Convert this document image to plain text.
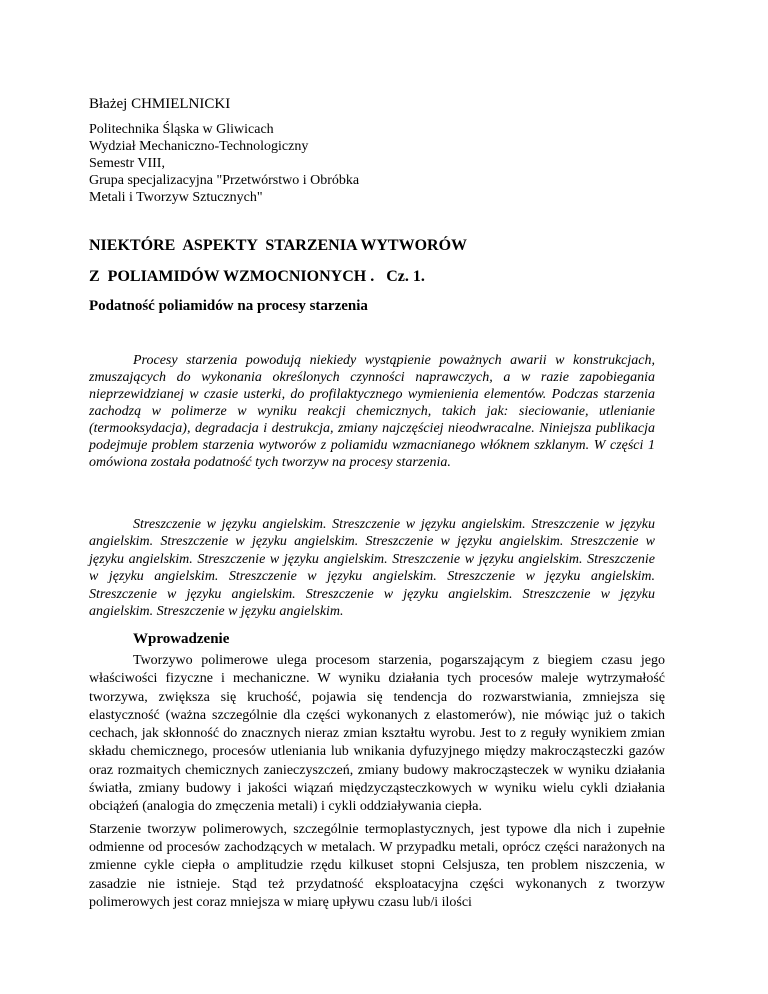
Błażej CHMIELNICKI

Politechnika Śląska w Gliwicach

Wydział Mechaniczno-Technologiczny

Semestr VIII,

Grupa specjalizacyjna "Przetwórstwo i Obróbka

Metali i Tworzyw Sztucznych"

NIEKTÓRE  ASPEKTY  STARZENIA WYTWORÓW

Z  POLIAMIDÓW WZMOCNIONYCH .   Cz. 1.

Podatność poliamidów na procesy starzenia

Procesy starzenia powodują niekiedy wystąpienie poważnych awarii w konstrukcjach, zmuszających do wykonania określonych czynności naprawczych, a w razie zapobiegania nieprzewidzianej w czasie usterki, do profilaktycznego wymienienia elementów. Podczas starzenia zachodzą w polimerze w wyniku reakcji chemicznych, takich jak: sieciowanie, utlenianie (termooksydacja), degradacja i destrukcja, zmiany najczęściej nieodwracalne. Niniejsza publikacja podejmuje problem starzenia wytworów z poliamidu wzmacnianego włóknem szklanym. W części 1 omówiona została podatność tych tworzyw na procesy starzenia.

Streszczenie w języku angielskim. Streszczenie w języku angielskim. Streszczenie w języku angielskim. Streszczenie w języku angielskim. Streszczenie w języku angielskim. Streszczenie w języku angielskim. Streszczenie w języku angielskim. Streszczenie w języku angielskim. Streszczenie w języku angielskim. Streszczenie w języku angielskim. Streszczenie w języku angielskim. Streszczenie w języku angielskim. Streszczenie w języku angielskim. Streszczenie w języku angielskim. Streszczenie w języku angielskim.

Wprowadzenie

Tworzywo polimerowe ulega procesom starzenia, pogarszającym z biegiem czasu jego właściwości fizyczne i mechaniczne. W wyniku działania tych procesów maleje wytrzymałość tworzywa, zwiększa się kruchość, pojawia się tendencja do rozwarstwiania, zmniejsza się elastyczność (ważna szczególnie dla części wykonanych z elastomerów), nie mówiąc już o takich cechach, jak skłonność do znacznych nieraz zmian kształtu wyrobu. Jest to z reguły wynikiem zmian składu chemicznego, procesów utleniania lub wnikania dyfuzyjnego między makrocząsteczki gazów oraz rozmaitych chemicznych zanieczyszczeń, zmiany budowy makrocząsteczek w wyniku działania światła, zmiany budowy i jakości wiązań międzycząsteczkowych w wyniku wielu cykli działania obciążeń (analogia do zmęczenia metali) i cykli oddziaływania ciepła.

Starzenie tworzyw polimerowych, szczególnie termoplastycznych, jest typowe dla nich i zupełnie odmienne od procesów zachodzących w metalach. W przypadku metali, oprócz części narażonych na zmienne cykle ciepła o amplitudzie rzędu kilkuset stopni Celsjusza, ten problem niszczenia, w zasadzie nie istnieje. Stąd też przydatność eksploatacyjna części wykonanych z tworzyw polimerowych jest coraz mniejsza w miarę upływu czasu lub/i ilości
